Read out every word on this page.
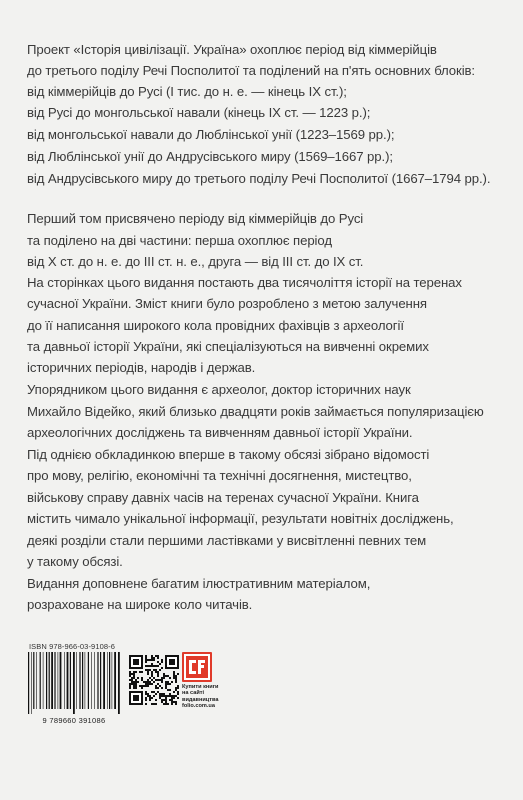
Проект «Історія цивілізації. Україна» охоплює період від кіммерійців
до третього поділу Речі Посполитої та поділений на п'ять основних блоків:
від кіммерійців до Русі (І тис. до н. е. — кінець IX ст.);
від Русі до монгольської навали (кінець IX ст. — 1223 р.);
від монгольської навали до Люблінської унії (1223–1569 рр.);
від Люблінської унії до Андрусівського миру (1569–1667 рр.);
від Андрусівського миру до третього поділу Речі Посполитої (1667–1794 рр.).
Перший том присвячено періоду від кіммерійців до Русі
та поділено на дві частини: перша охоплює період
від X ст. до н. е. до III ст. н. е., друга — від III ст. до IX ст.
На сторінках цього видання постають два тисячоліття історії на теренах
сучасної України. Зміст книги було розроблено з метою залучення
до її написання широкого кола провідних фахівців з археології
та давньої історії України, які спеціалізуються на вивченні окремих
історичних періодів, народів і держав.
Упорядником цього видання є археолог, доктор історичних наук
Михайло Відейко, який близько двадцяти років займається популяризацією
археологічних досліджень та вивченням давньої історії України.
Під однією обкладинкою вперше в такому обсязі зібрано відомості
про мову, релігію, економічні та технічні досягнення, мистецтво,
військову справу давніх часів на теренах сучасної України. Книга
містить чимало унікальної інформації, результати новітніх досліджень,
деякі розділи стали першими ластівками у висвітленні певних тем
у такому обсязі.
Видання доповнене багатим ілюстративним матеріалом,
розраховане на широке коло читачів.
ISBN 978-966-03-9108-6
9 789660 391086
Купити книги
на сайті
видавництва
folio.com.ua
